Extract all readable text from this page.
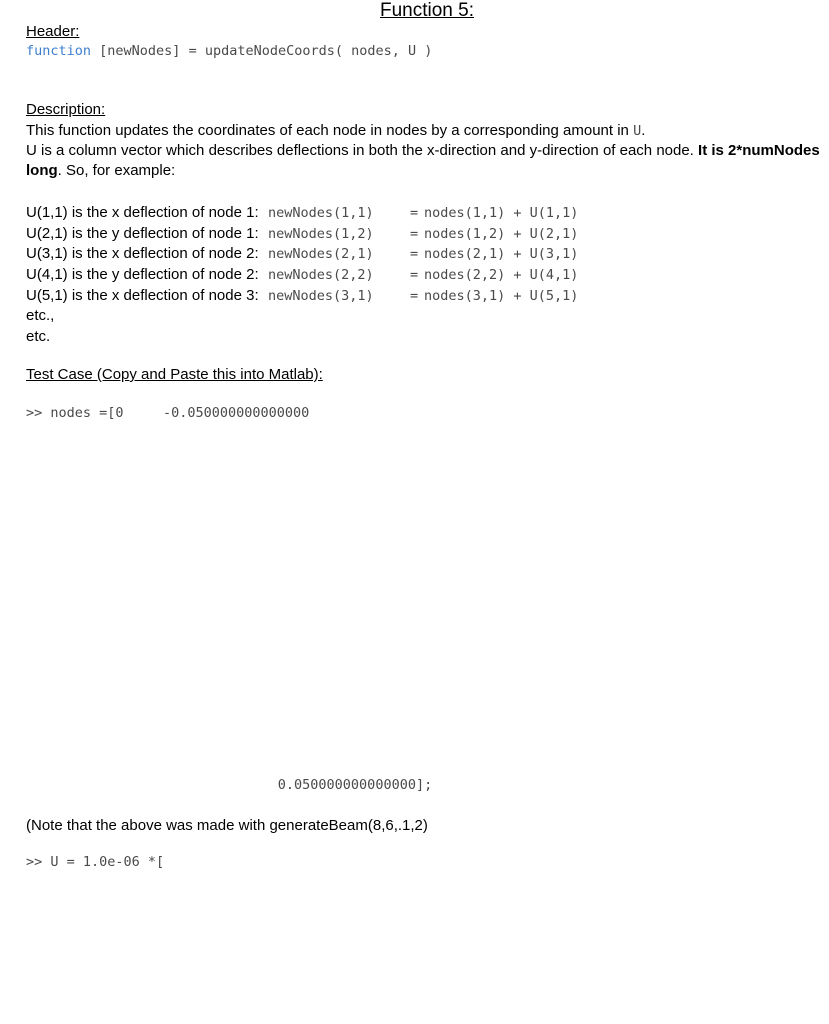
Function 5:
Header:
function [newNodes] = updateNodeCoords( nodes, U )
Description:

This function updates the coordinates of each node in nodes by a corresponding amount in U.

U is a column vector which describes deflections in both the x-direction and y-direction of each node. It is 2*numNodes long. So, for example:

U(1,1) is the x deflection of node 1: newNodes(1,1)	= nodes(1,1) + U(1,1)
U(2,1) is the y deflection of node 1: newNodes(1,2)	= nodes(1,2) + U(2,1)
U(3,1) is the x deflection of node 2: newNodes(2,1)	= nodes(2,1) + U(3,1)
U(4,1) is the y deflection of node 2: newNodes(2,2)	= nodes(2,2) + U(4,1)
U(5,1) is the x deflection of node 3: newNodes(3,1)	= nodes(3,1) + U(5,1)
etc.,
etc.
Test Case (Copy and Paste this into Matlab):
>> nodes =[0	-0.050000000000000
0.050000000000000];
(Note that the above was made with generateBeam(8,6,.1,2)
>> U = 1.0e-06 *[
